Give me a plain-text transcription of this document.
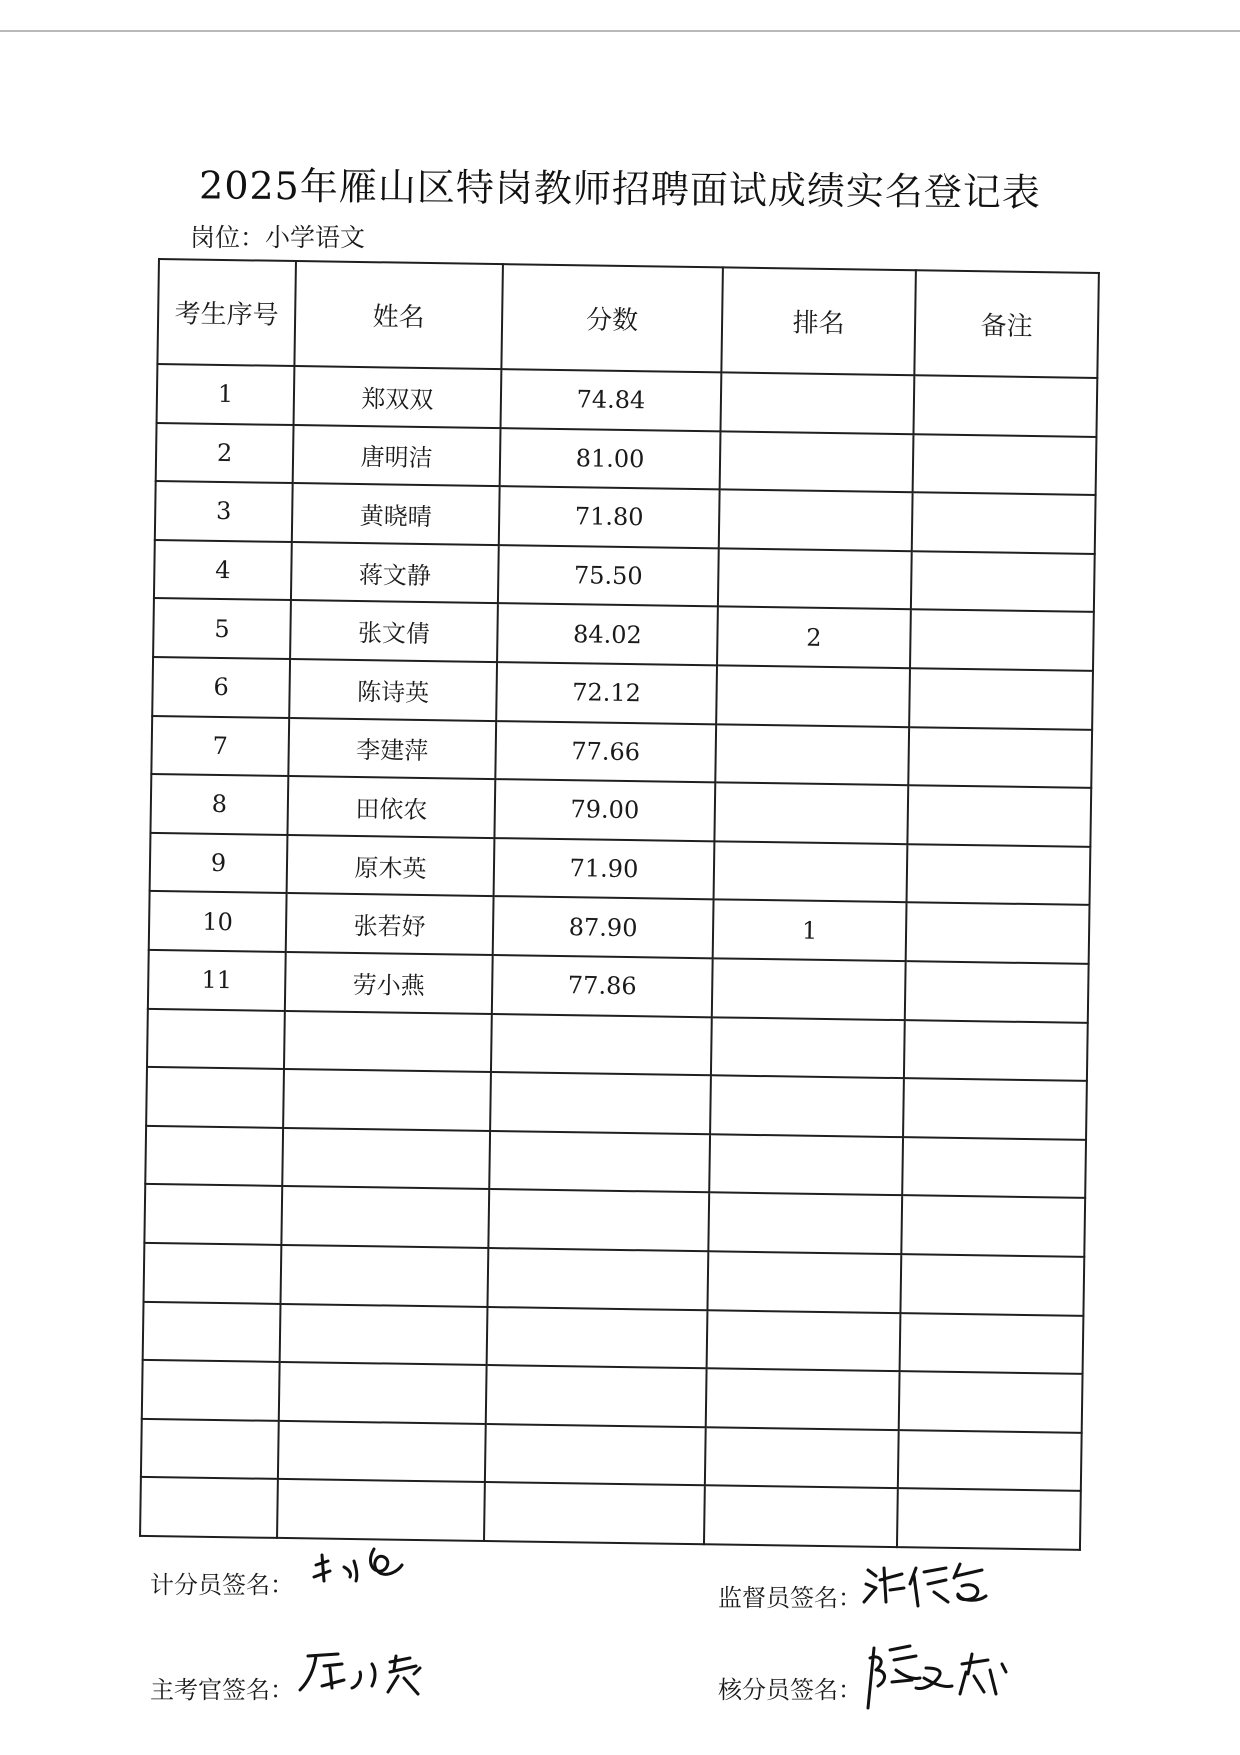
2025年雁山区特岗教师招聘面试成绩实名登记表
岗位：小学语文
考生序号	姓名	分数	排名	备注
1	郑双双	74.84		
2	唐明洁	81.00		
3	黄晓晴	71.80		
4	蒋文静	75.50		
5	张文倩	84.02	2	
6	陈诗英	72.12		
7	李建萍	77.66		
8	田依农	79.00		
9	原木英	71.90		
10	张若妤	87.90	1	
11	劳小燕	77.86		

计分员签名：	监督员签名：
主考官签名：	核分员签名：
